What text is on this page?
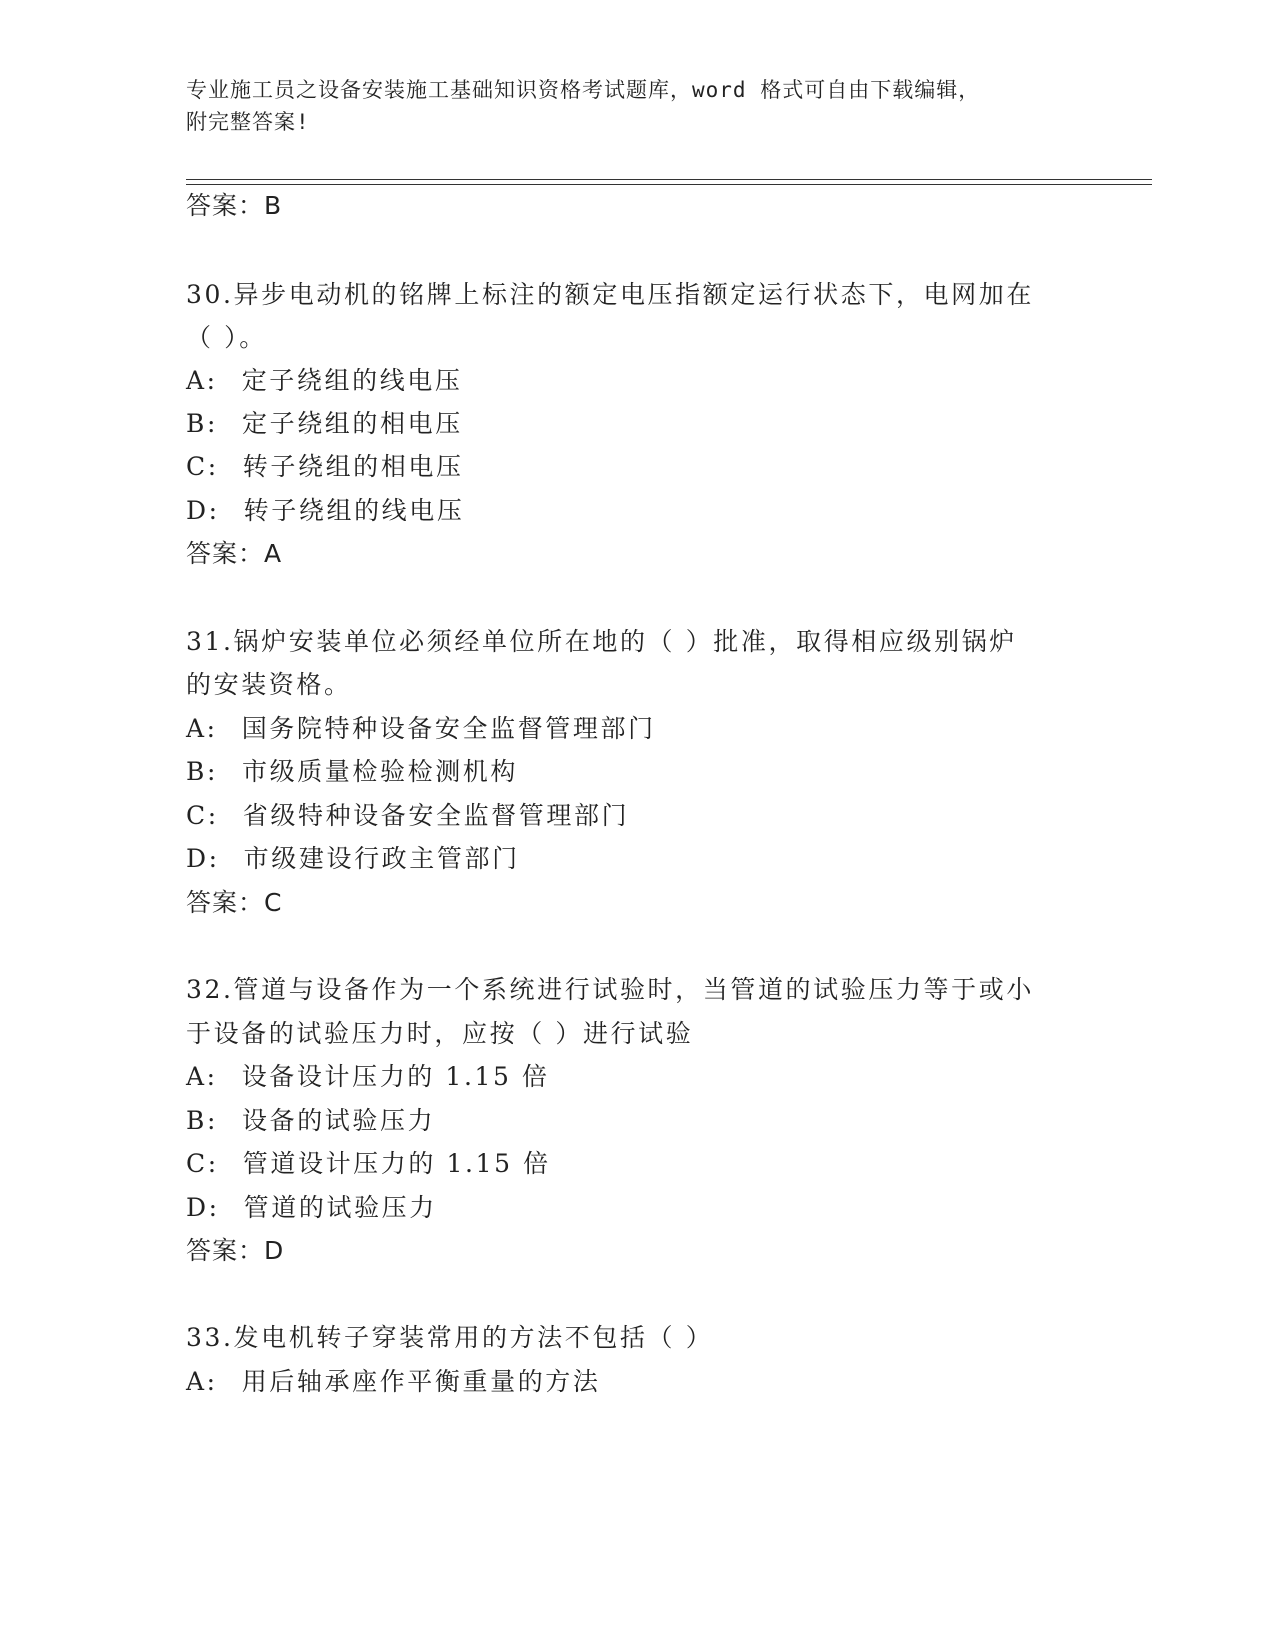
专业施工员之设备安装施工基础知识资格考试题库，word 格式可自由下载编辑，
附完整答案!
答案：B
30.异步电动机的铭牌上标注的额定电压指额定运行状态下，电网加在
（ ）。
A: 定子绕组的线电压
B: 定子绕组的相电压
C: 转子绕组的相电压
D: 转子绕组的线电压
答案：A
31.锅炉安装单位必须经单位所在地的（ ）批准，取得相应级别锅炉
的安装资格。
A: 国务院特种设备安全监督管理部门
B: 市级质量检验检测机构
C: 省级特种设备安全监督管理部门
D: 市级建设行政主管部门
答案：C
32.管道与设备作为一个系统进行试验时，当管道的试验压力等于或小
于设备的试验压力时，应按（ ）进行试验
A: 设备设计压力的 1.15 倍
B: 设备的试验压力
C: 管道设计压力的 1.15 倍
D: 管道的试验压力
答案：D
33.发电机转子穿装常用的方法不包括（ ）
A: 用后轴承座作平衡重量的方法
